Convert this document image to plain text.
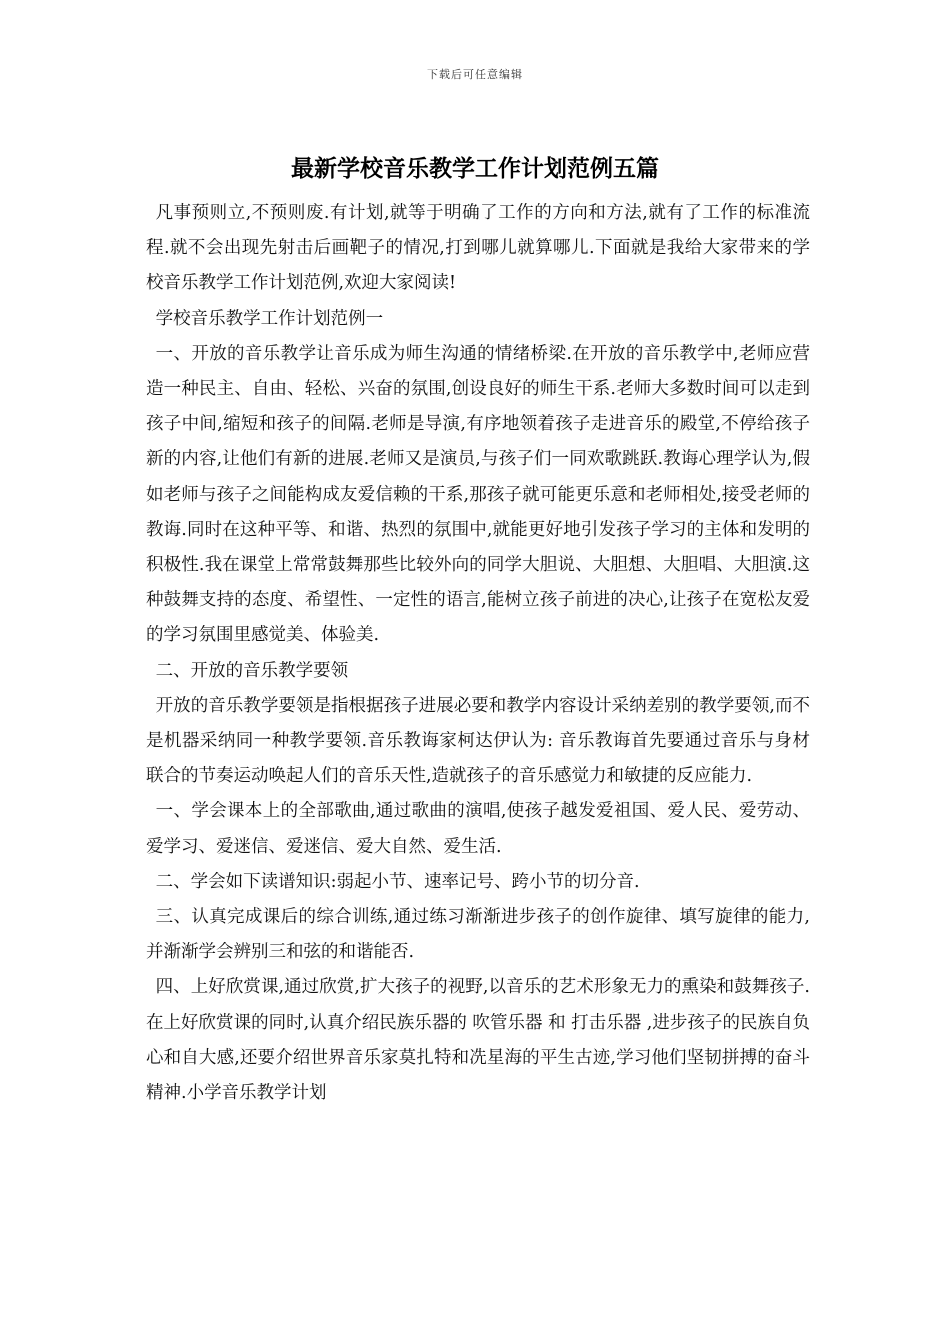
下载后可任意编辑
最新学校音乐教学工作计划范例五篇

凡事预则立,不预则废.有计划,就等于明确了工作的方向和方法,就有了工作的标准流程.就不会出现先射击后画靶子的情况,打到哪儿就算哪儿.下面就是我给大家带来的学校音乐教学工作计划范例,欢迎大家阅读!

学校音乐教学工作计划范例一

一、开放的音乐教学让音乐成为师生沟通的情绪桥梁.在开放的音乐教学中,老师应营造一种民主、自由、轻松、兴奋的氛围,创设良好的师生干系.老师大多数时间可以走到孩子中间,缩短和孩子的间隔.老师是导演,有序地领着孩子走进音乐的殿堂,不停给孩子新的内容,让他们有新的进展.老师又是演员,与孩子们一同欢歌跳跃.教诲心理学认为,假如老师与孩子之间能构成友爱信赖的干系,那孩子就可能更乐意和老师相处,接受老师的教诲.同时在这种平等、和谐、热烈的氛围中,就能更好地引发孩子学习的主体和发明的积极性.我在课堂上常常鼓舞那些比较外向的同学大胆说、大胆想、大胆唱、大胆演.这种鼓舞支持的态度、希望性、一定性的语言,能树立孩子前进的决心,让孩子在宽松友爱的学习氛围里感觉美、体验美.

二、开放的音乐教学要领

开放的音乐教学要领是指根据孩子进展必要和教学内容设计采纳差别的教学要领,而不是机器采纳同一种教学要领.音乐教诲家柯达伊认为: 音乐教诲首先要通过音乐与身材联合的节奏运动唤起人们的音乐天性,造就孩子的音乐感觉力和敏捷的反应能力.

一、学会课本上的全部歌曲,通过歌曲的演唱,使孩子越发爱祖国、爱人民、爱劳动、爱学习、爱迷信、爱迷信、爱大自然、爱生活.

二、学会如下读谱知识:弱起小节、速率记号、跨小节的切分音.

三、认真完成课后的综合训练,通过练习渐渐进步孩子的创作旋律、填写旋律的能力,并渐渐学会辨别三和弦的和谐能否.

四、上好欣赏课,通过欣赏,扩大孩子的视野,以音乐的艺术形象无力的熏染和鼓舞孩子.在上好欣赏课的同时,认真介绍民族乐器的 吹管乐器 和 打击乐器 ,进步孩子的民族自负心和自大感,还要介绍世界音乐家莫扎特和冼星海的平生古迹,学习他们坚韧拼搏的奋斗精神.小学音乐教学计划
